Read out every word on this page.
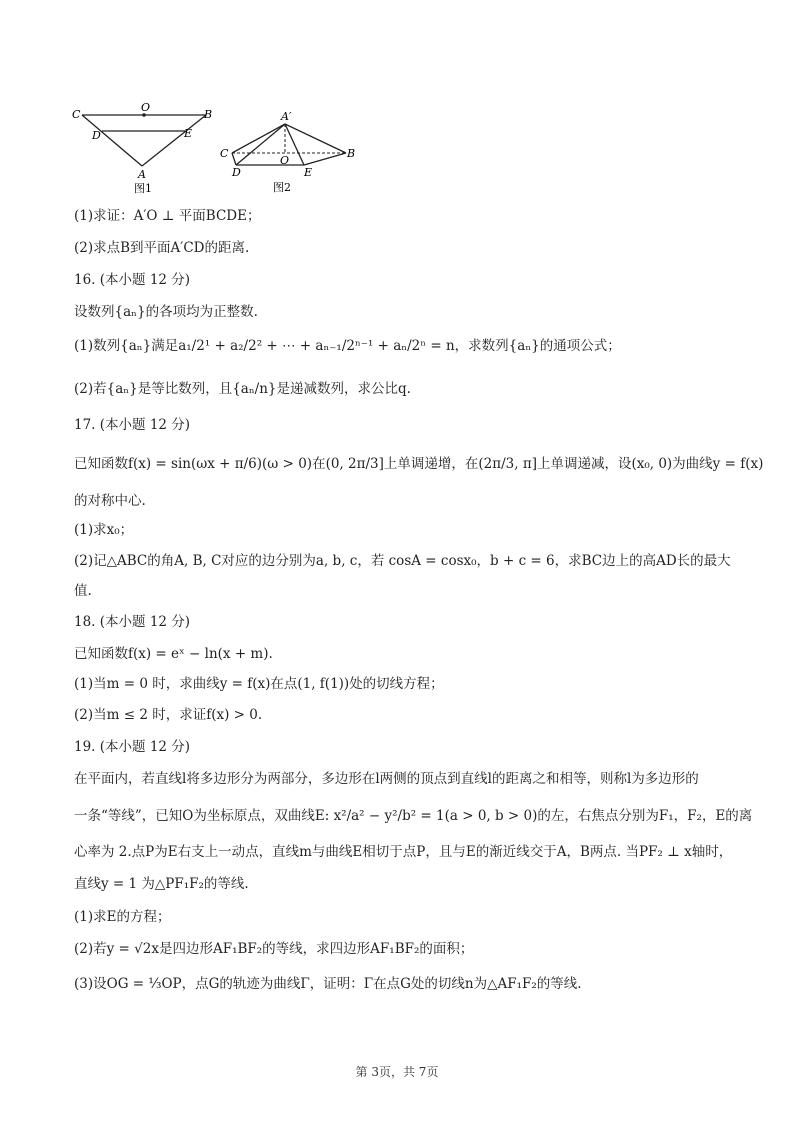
C
O
B
D	E
A
图1
A′
C
O
B
D	E
图2
(1)求证：A′O ⊥ 平面BCDE；
(2)求点B到平面A′CD的距离.
16. (本小题 12 分)
设数列{aₙ}的各项均为正整数.
(1)数列{aₙ}满足a₁/2¹ + a₂/2² + ⋯ + aₙ₋₁/2ⁿ⁻¹ + aₙ/2ⁿ = n，求数列{aₙ}的通项公式；
(2)若{aₙ}是等比数列，且{aₙ/n}是递减数列，求公比q.
17. (本小题 12 分)
已知函数f(x) = sin(ωx + π/6)(ω > 0)在(0, 2π/3]上单调递增，在(2π/3, π]上单调递减，设(x₀, 0)为曲线y = f(x)
的对称中心.
(1)求x₀；
(2)记△ABC的角A, B, C对应的边分别为a, b, c，若 cosA = cosx₀，b + c = 6，求BC边上的高AD长的最大
值.
18. (本小题 12 分)
已知函数f(x) = eˣ − ln(x + m).
(1)当m = 0 时，求曲线y = f(x)在点(1, f(1))处的切线方程；
(2)当m ≤ 2 时，求证f(x) > 0.
19. (本小题 12 分)
在平面内，若直线l将多边形分为两部分，多边形在l两侧的顶点到直线l的距离之和相等，则称l为多边形的
一条“等线”，已知O为坐标原点，双曲线E: x²/a² − y²/b² = 1(a > 0, b > 0)的左，右焦点分别为F₁，F₂，E的离
心率为 2.点P为E右支上一动点，直线m与曲线E相切于点P，且与E的渐近线交于A，B两点. 当PF₂ ⊥ x轴时，
直线y = 1 为△PF₁F₂的等线.
(1)求E的方程；
(2)若y = √2x是四边形AF₁BF₂的等线，求四边形AF₁BF₂的面积；
(3)设OG = ⅓OP，点G的轨迹为曲线Γ，证明：Γ在点G处的切线n为△AF₁F₂的等线.
第 3页，共 7页
